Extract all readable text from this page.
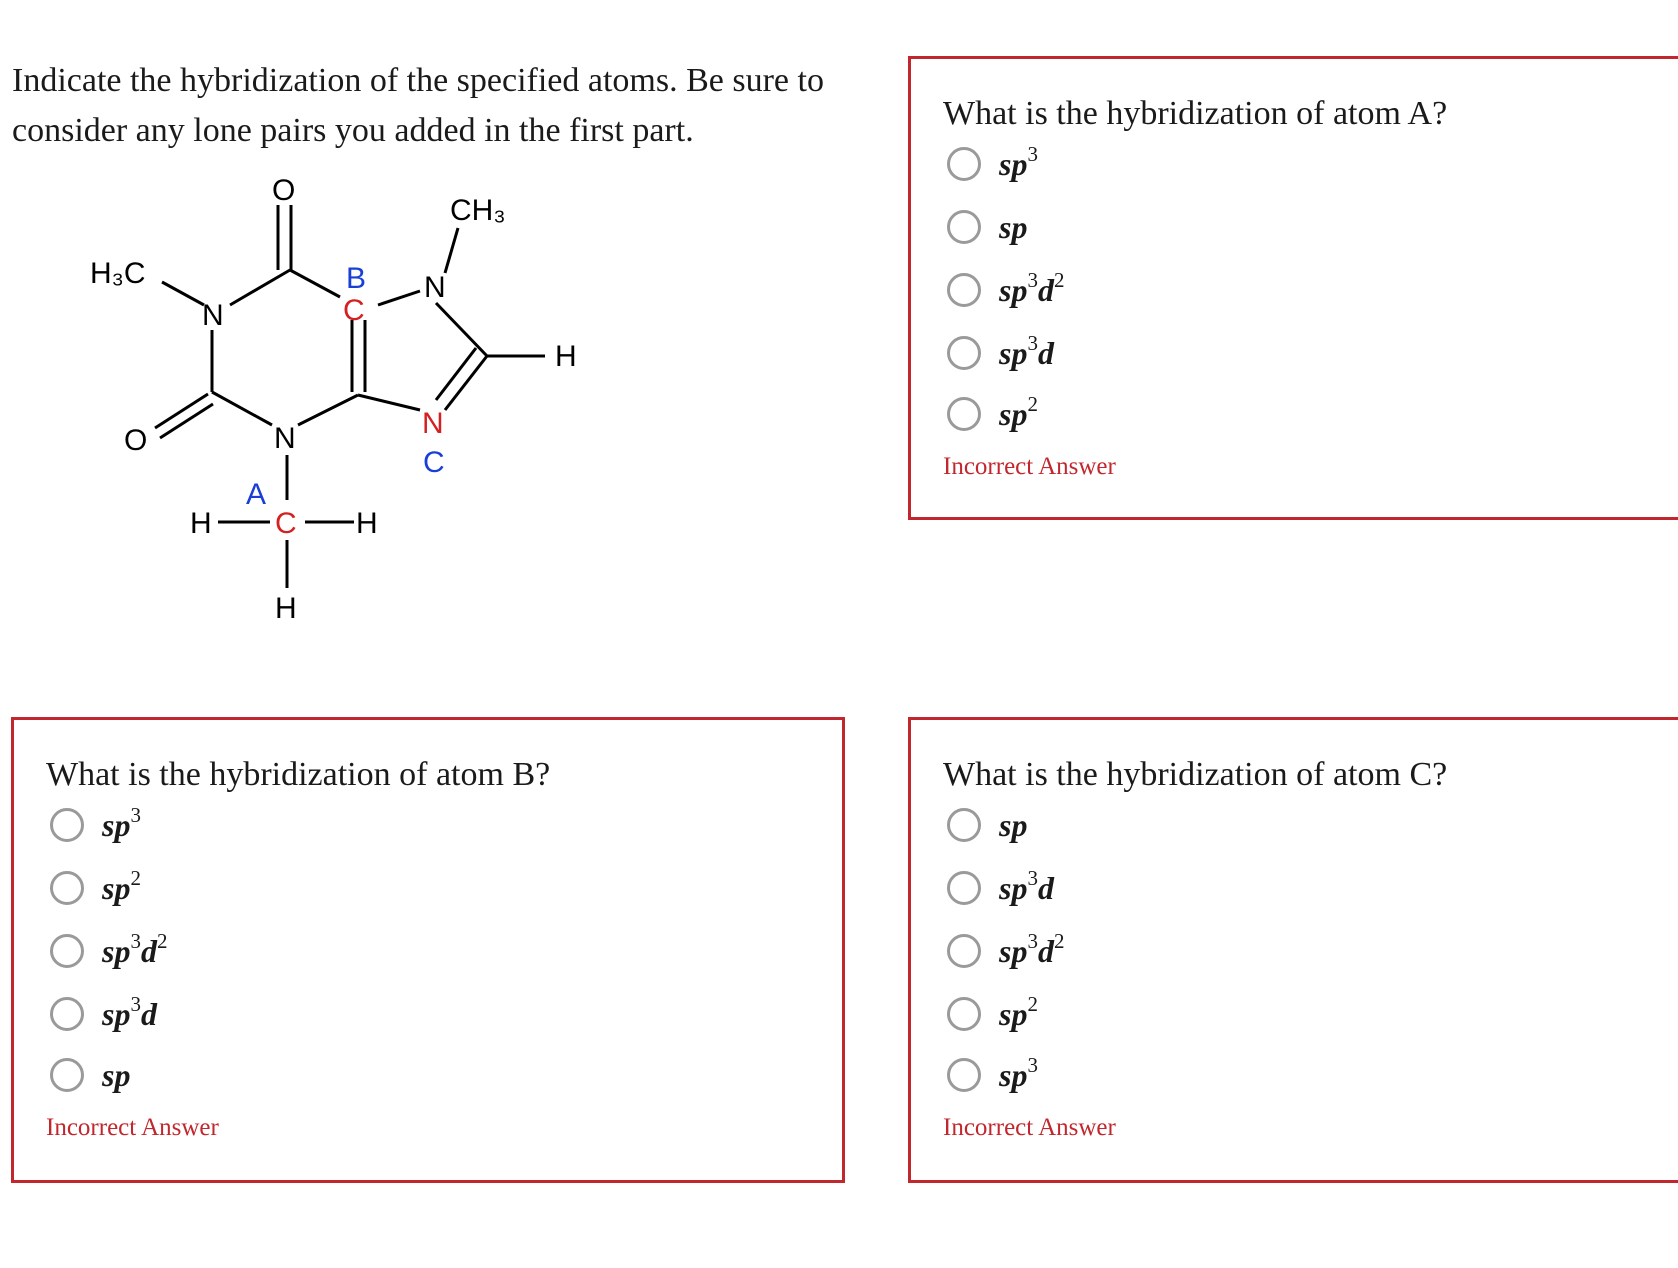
Indicate the hybridization of the specified atoms. Be sure to consider any lone pairs you added in the first part.

O
O
N
N
N	N
C
C
C
B
A
H₃C
CH₃
H
H	H
H

What is the hybridization of atom A?

$sp^3$
sp
$sp^3d^2$
$sp^3d$
$sp^2$
Incorrect Answer

What is the hybridization of atom B?

$sp^3$
$sp^2$
$sp^3d^2$
$sp^3d$
sp
Incorrect Answer

What is the hybridization of atom C?

sp
$sp^3d$
$sp^3d^2$
$sp^2$
$sp^3$
Incorrect Answer
